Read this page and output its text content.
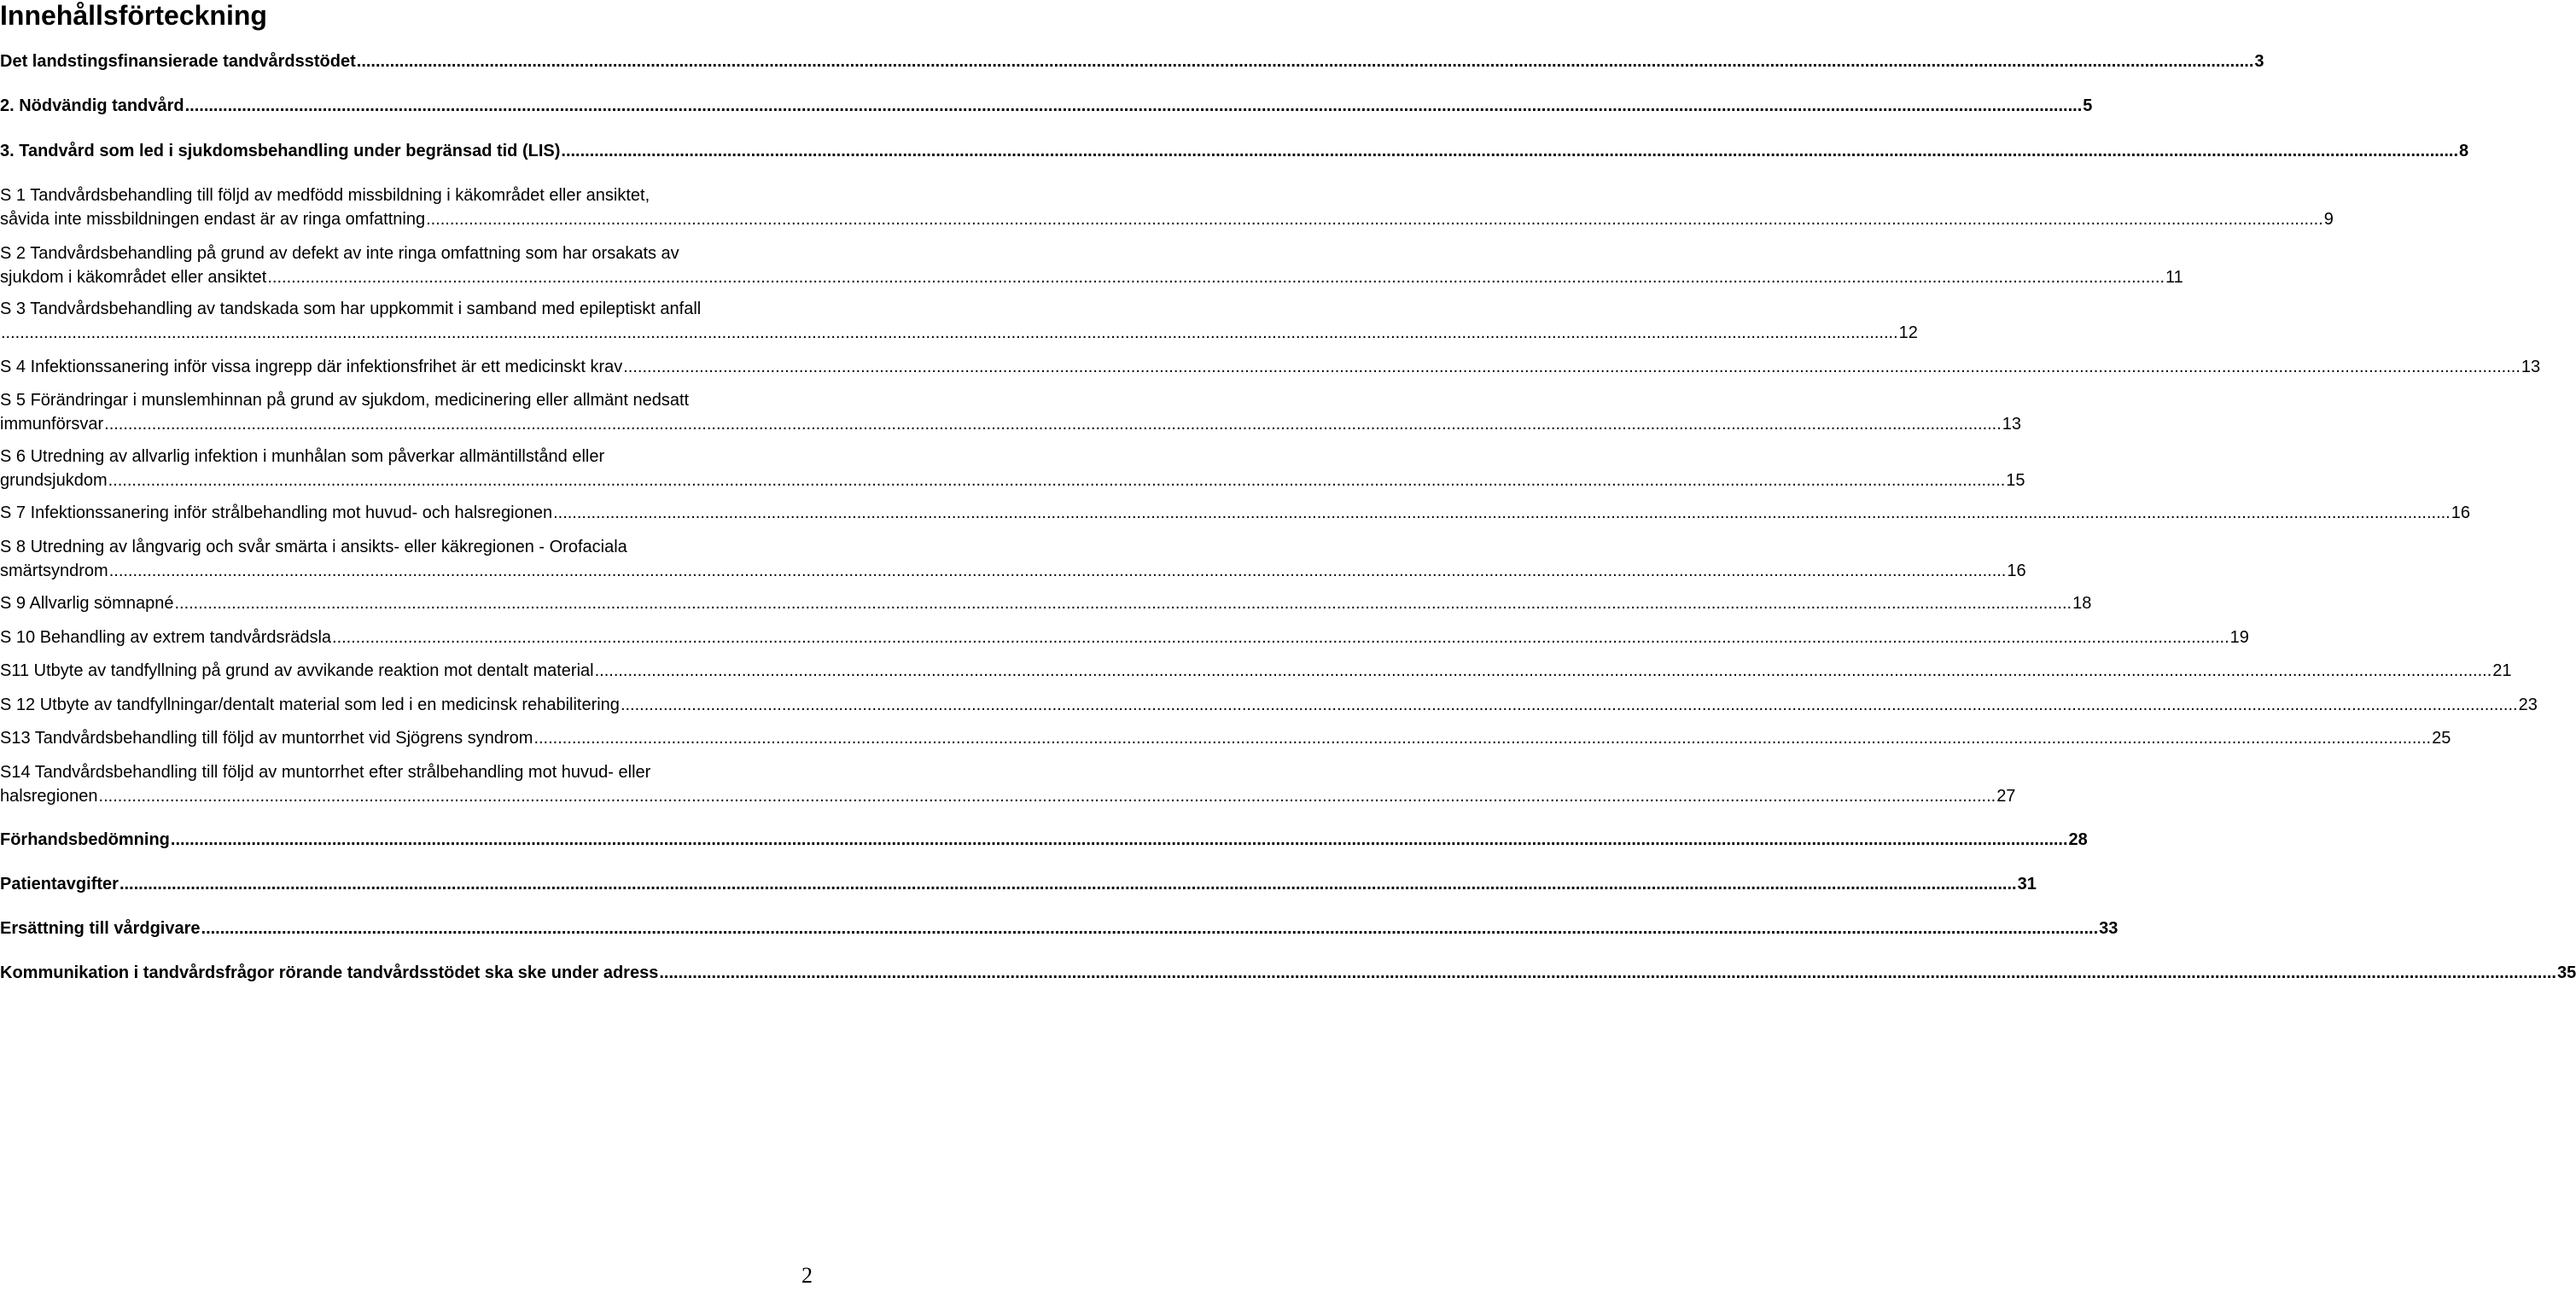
Innehållsförteckning
Det landstingsfinansierade tandvårdsstödet ................................................................................................................................................................................................................................................................................................................................................................................................................ 3
2. Nödvändig tandvård ................................................................................................................................................................................................................................................................................................................................................................................................................ 5
3. Tandvård som led i sjukdomsbehandling under begränsad tid (LIS) ................................................................................................................................................................................................................................................................................................................................................................................................................ 8
S 1 Tandvårdsbehandling till följd av medfödd missbildning i käkområdet eller ansiktet,
såvida inte missbildningen endast är av ringa omfattning ................................................................................................................................................................................................................................................................................................................................................................................................................ 9
S 2 Tandvårdsbehandling på grund av defekt av inte ringa omfattning som har orsakats av
sjukdom i käkområdet eller ansiktet ................................................................................................................................................................................................................................................................................................................................................................................................................ 11
S 3 Tandvårdsbehandling av tandskada som har uppkommit i samband med epileptiskt anfall
................................................................................................................................................................................................................................................................................................................................................................................................................ 12
S 4 Infektionssanering inför vissa ingrepp där infektionsfrihet är ett medicinskt krav ................................................................................................................................................................................................................................................................................................................................................................................................................ 13
S 5 Förändringar i munslemhinnan på grund av sjukdom, medicinering eller allmänt nedsatt
immunförsvar ................................................................................................................................................................................................................................................................................................................................................................................................................ 13
S 6 Utredning av allvarlig infektion i munhålan som påverkar allmäntillstånd eller
grundsjukdom ................................................................................................................................................................................................................................................................................................................................................................................................................ 15
S 7 Infektionssanering inför strålbehandling mot huvud- och halsregionen ................................................................................................................................................................................................................................................................................................................................................................................................................ 16
S 8 Utredning av långvarig och svår smärta i ansikts- eller käkregionen - Orofaciala
smärtsyndrom ................................................................................................................................................................................................................................................................................................................................................................................................................ 16
S 9 Allvarlig sömnapné ................................................................................................................................................................................................................................................................................................................................................................................................................ 18
S 10 Behandling av extrem tandvårdsrädsla ................................................................................................................................................................................................................................................................................................................................................................................................................ 19
S11 Utbyte av tandfyllning på grund av avvikande reaktion mot dentalt material ................................................................................................................................................................................................................................................................................................................................................................................................................ 21
S 12 Utbyte av tandfyllningar/dentalt material som led i en medicinsk rehabilitering ................................................................................................................................................................................................................................................................................................................................................................................................................ 23
S13 Tandvårdsbehandling till följd av muntorrhet vid Sjögrens syndrom ................................................................................................................................................................................................................................................................................................................................................................................................................ 25
S14 Tandvårdsbehandling till följd av muntorrhet efter strålbehandling mot huvud- eller
halsregionen ................................................................................................................................................................................................................................................................................................................................................................................................................ 27
Förhandsbedömning ................................................................................................................................................................................................................................................................................................................................................................................................................ 28
Patientavgifter ................................................................................................................................................................................................................................................................................................................................................................................................................ 31
Ersättning till vårdgivare ................................................................................................................................................................................................................................................................................................................................................................................................................ 33
Kommunikation i tandvårdsfrågor rörande tandvårdsstödet ska ske under adress ................................................................................................................................................................................................................................................................................................................................................................................................................ 35
2
